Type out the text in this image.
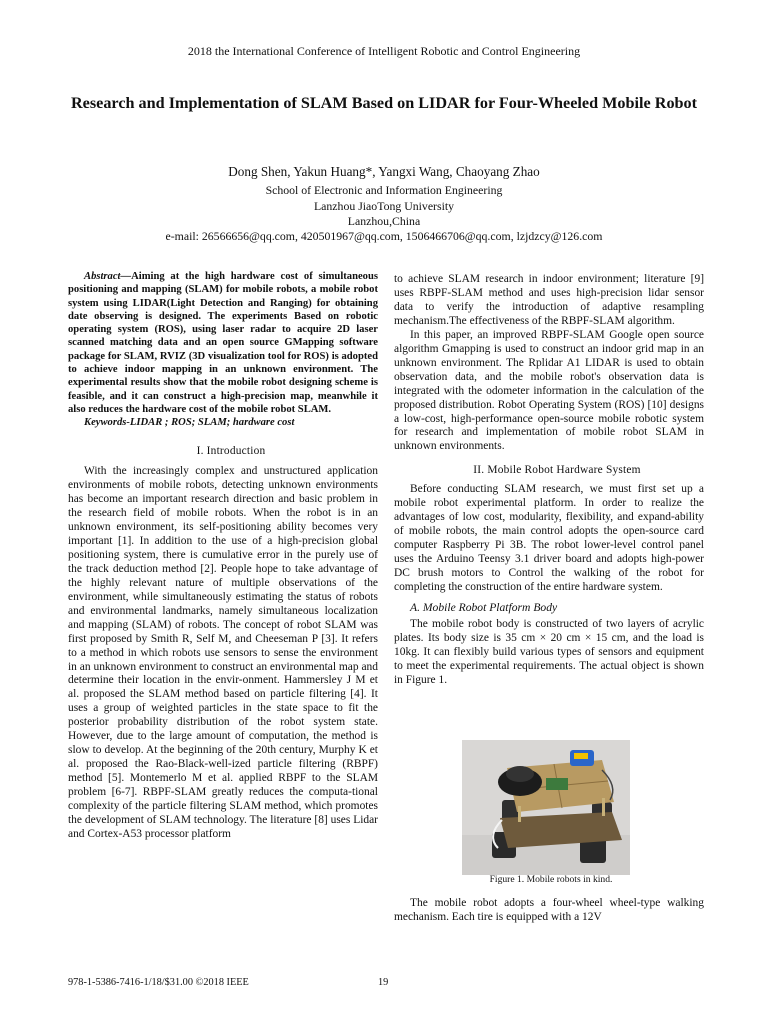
2018 the International Conference of Intelligent Robotic and Control Engineering
Research and Implementation of SLAM Based on LIDAR for Four-Wheeled Mobile Robot
Dong Shen, Yakun Huang*, Yangxi Wang, Chaoyang Zhao
School of Electronic and Information Engineering
Lanzhou JiaoTong University
Lanzhou,China
e-mail: 26566656@qq.com, 420501967@qq.com, 1506466706@qq.com, lzjdzcy@126.com

Abstract—Aiming at the high hardware cost of simultaneous positioning and mapping (SLAM) for mobile robots, a mobile robot system using LIDAR(Light Detection and Ranging) for obtaining date observing is designed. The experiments Based on robotic operating system (ROS), using laser radar to acquire 2D laser scanned matching data and an open source GMapping software package for SLAM, RVIZ (3D visualization tool for ROS) is adopted to achieve indoor mapping in an unknown environment. The experimental results show that the mobile robot designing scheme is feasible, and it can construct a high-precision map, meanwhile it also reduces the hardware cost of the mobile robot SLAM.

Keywords-LIDAR ; ROS; SLAM; hardware cost

I. Introduction

With the increasingly complex and unstructured application environments of mobile robots, detecting unknown environments has become an important research direction and basic problem in the research field of mobile robots. When the robot is in an unknown environment, its self-positioning ability becomes very important [1]. In addition to the use of a high-precision global positioning system, there is cumulative error in the purely use of the track deduction method [2]. People hope to take advantage of the highly relevant nature of multiple observations of the environment, while simultaneously estimating the status of robots and environmental landmarks, namely simultaneous localization and mapping (SLAM) of robots. The concept of robot SLAM was first proposed by Smith R, Self M, and Cheeseman P [3]. It refers to a method in which robots use sensors to sense the environment in an unknown environment to construct an environmental map and determine their location in the envir-onment. Hammersley J M et al. proposed the SLAM method based on particle filtering [4]. It uses a group of weighted particles in the state space to fit the posterior probability distribution of the robot system state. However, due to the large amount of computation, the method is slow to develop. At the beginning of the 20th century, Murphy K et al. proposed the Rao-Black-well-ized particle filtering (RBPF) method [5]. Montemerlo M et al. applied RBPF to the SLAM problem [6-7]. RBPF-SLAM greatly reduces the computa-tional complexity of the particle filtering SLAM method, which promotes the development of SLAM technology. The literature [8] uses Lidar and Cortex-A53 processor platform

to achieve SLAM research in indoor environment; literature [9] uses RBPF-SLAM method and uses high-precision lidar sensor data to verify the introduction of adaptive resampling mechanism.The effectiveness of the RBPF-SLAM algorithm.

In this paper, an improved RBPF-SLAM Google open source algorithm Gmapping is used to construct an indoor grid map in an unknown environment. The Rplidar A1 LIDAR is used to obtain observation data, and the mobile robot's observation data is integrated with the odometer information in the calculation of the proposed distribution. Robot Operating System (ROS) [10] designs a low-cost, high-performance open-source mobile robotic system for research and implementation of mobile robot SLAM in unknown environments.

II. Mobile Robot Hardware System

Before conducting SLAM research, we must first set up a mobile robot experimental platform. In order to realize the advantages of low cost, modularity, flexibility, and expand-ability of mobile robots, the main control adopts the open-source card computer Raspberry Pi 3B. The robot lower-level control panel uses the Arduino Teensy 3.1 driver board and adopts high-power DC brush motors to Control the walking of the robot for completing the construction of the entire hardware system.

A. Mobile Robot Platform Body

The mobile robot body is constructed of two layers of acrylic plates. Its body size is 35 cm × 20 cm × 15 cm, and the load is 10kg. It can flexibly build various types of sensors and equipment to meet the experimental requirements. The actual object is shown in Figure 1.

Figure 1. Mobile robots in kind.

The mobile robot adopts a four-wheel wheel-type walking mechanism. Each tire is equipped with a 12V

978-1-5386-7416-1/18/$31.00 ©2018 IEEE	19
